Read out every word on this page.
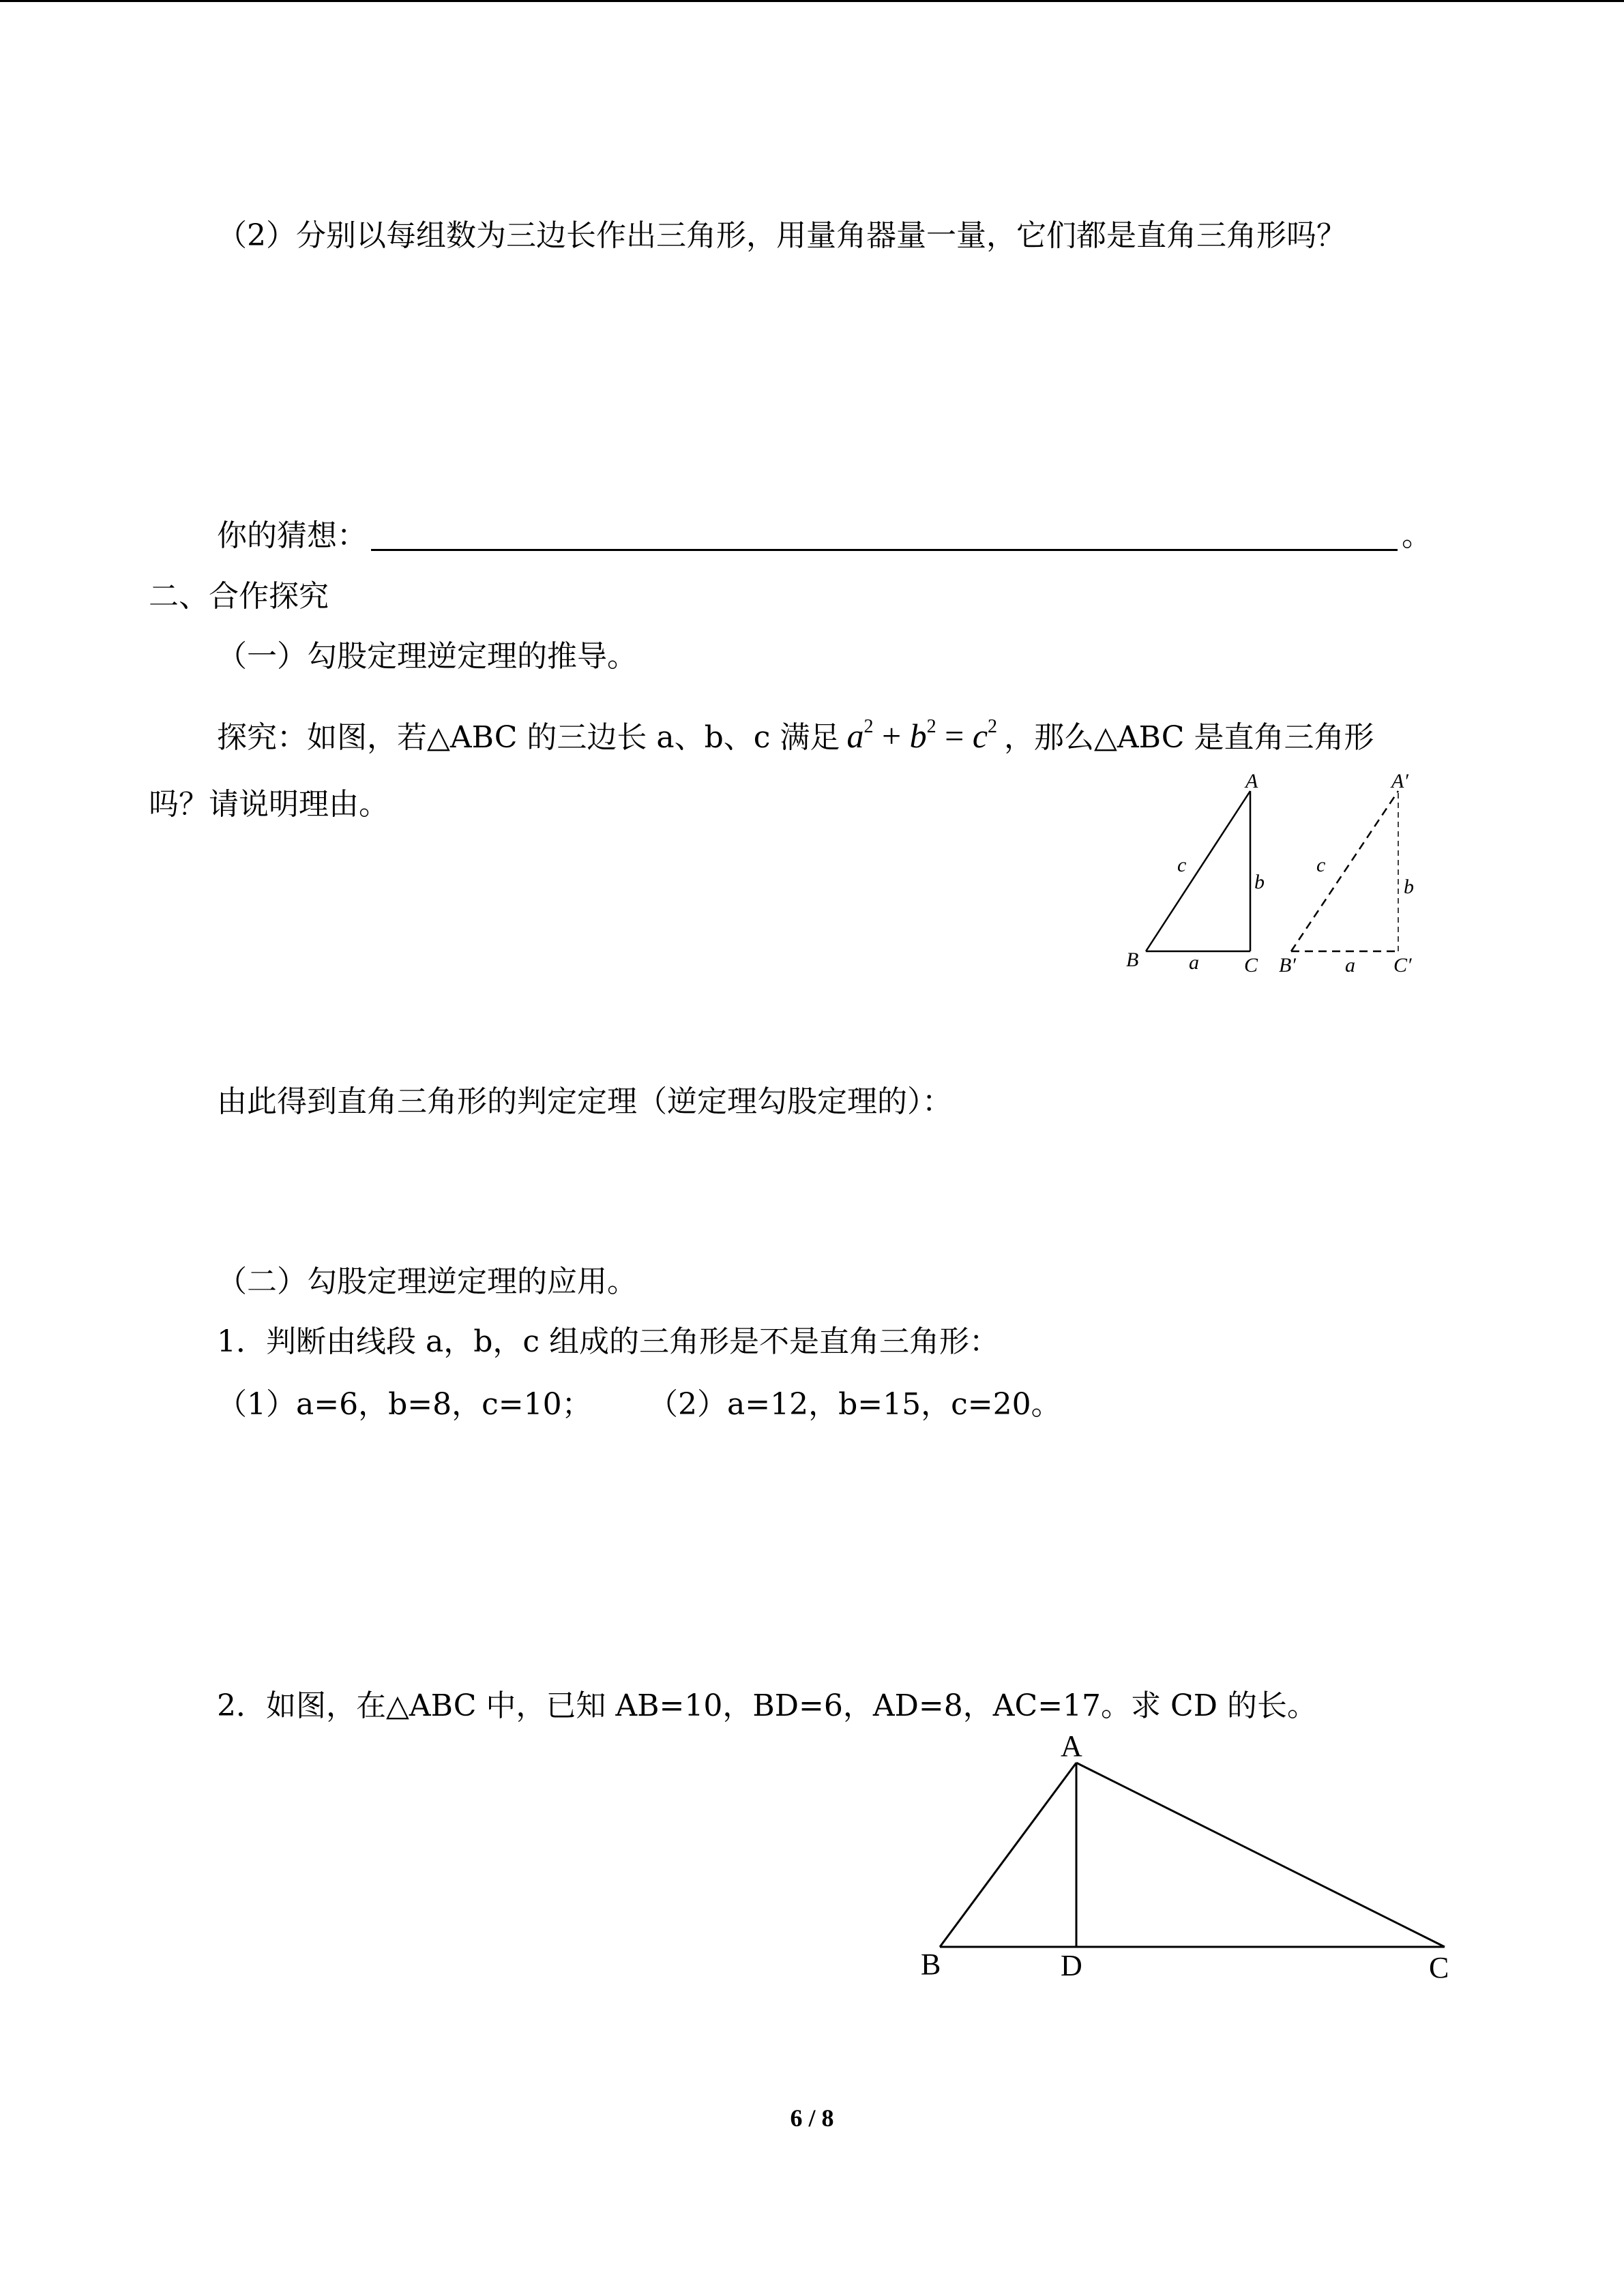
（2）分别以每组数为三边长作出三角形，用量角器量一量，它们都是直角三角形吗？
你的猜想：	。
二、合作探究
（一）勾股定理逆定理的推导。
探究：如图，若△ABC 的三边长 a、b、c 满足 $a^2 + b^2 = c^2$ ，那么△ABC 是直角三角形
吗？请说明理由。
A
B	C
a
b
c
A′
B′	C′
a
b
c
A
B	D	C
由此得到直角三角形的判定定理（逆定理勾股定理的）：
（二）勾股定理逆定理的应用。
1．判断由线段 a，b，c 组成的三角形是不是直角三角形：
（1）a=6，b=8，c=10； （2）a=12，b=15，c=20。
2．如图，在△ABC 中，已知 AB=10，BD=6，AD=8，AC=17。求 CD 的长。
6 / 8
